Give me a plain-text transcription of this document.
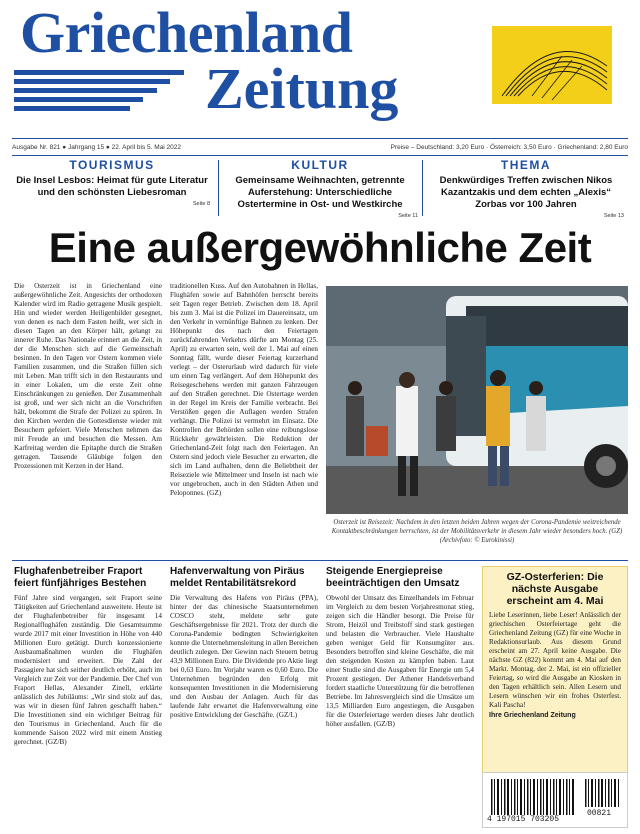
Griechenland
Zeitung
Ausgabe Nr. 821 ● Jahrgang 15 ● 22. April bis 5. Mai 2022	Preise – Deutschland: 3,20 Euro · Österreich: 3,50 Euro · Griechenland: 2,80 Euro
TOURISMUS
Die Insel Lesbos: Heimat für gute Literatur und den schönsten Liebesroman
Seite 8
KULTUR
Gemeinsame Weihnachten, getrennte Auferstehung: Unterschiedliche Ostertermine in Ost- und Westkirche
Seite 11
THEMA
Denkwürdiges Treffen zwischen Nikos Kazantzakis und dem echten „Alexis“ Zorbas vor 100 Jahren
Seite 13
Eine außergewöhnliche Zeit
Die Osterzeit ist in Griechenland eine außergewöhnliche Zeit. Angesichts der orthodoxen Kalender wird im Radio getragene Musik gespielt. Hin und wieder werden Heiligenbilder gesegnet, von denen es nach dem Fasten heißt, wer sich in diesen Tagen an den Körper hält, gelangt zu innerer Ruhe. Das Nationale erinnert an die Zeit, in der die Menschen sich auf die Gemeinschaft besinnen. In den Tagen vor Ostern kommen viele Familien zusammen, und die Straßen füllen sich mit Leben. Man trifft sich in den Restaurants und in einer Lokalen, um die erste Zeit ohne Einschränkungen zu genießen. Der Zusammenhalt ist groß, und wer sich nicht an die Vorschriften hält, bekommt die Strafe der Polizei zu spüren. In den Kirchen werden die Gottesdienste wieder mit Besuchern gefeiert. Viele Menschen nehmen das mit Freude an und besuchen die Messen. Am Karfreitag werden die Epitaphe durch die Straßen getragen. Tausende Gläubige folgen den Prozessionen mit Kerzen in der Hand.
traditionellen Kuss. Auf den Autobahnen in Hellas, Flughäfen sowie auf Bahnhöfen herrscht bereits seit Tagen reger Betrieb. Zwischen dem 18. April bis zum 3. Mai ist die Polizei im Dauereinsatz, um den Verkehr in vernünftige Bahnen zu lenken. Der Höhepunkt des nach den Feiertagen zurückfahrenden Verkehrs dürfte am Montag (25. April) zu erwarten sein, weil der 1. Mai auf einen Sonntag fällt, wurde dieser Feiertag kurzerhand verlegt – der Osterurlaub wird dadurch für viele um einen Tag verlängert. Auf dem Höhepunkt des Reisegeschehens werden mit ganzen Fahrzeugen auf den Straßen gerechnet. Die Ostertage werden in der Regel im Kreis der Familie verbracht. Bei Verstößen gegen die Auflagen werden Strafen verhängt. Die Polizei ist vermehrt im Einsatz. Die Kontrollen der Behörden sollen eine reibungslose Rückkehr gewährleisten. Die Reduktion der Griechenland-Zeit folgt nach den Feiertagen. An Ostern sind jedoch viele Besucher zu erwarten, die sich im Land aufhalten, denn die Beliebtheit der Reiseziele wie Mittelmeer und Inseln ist nach wie vor ungebrochen, auch in den Städten Athen und Peloponnes. (GZ)
Osterzeit ist Reisezeit: Nachdem in den letzten beiden Jahren wegen der Corona-Pandemie weitreichende Kontaktbeschränkungen herrschten, ist der Mobilitätsverkehr in diesem Jahr wieder besonders hoch. (GZ) (Archivfoto: © Eurokinissi)
Flughafenbetreiber Fraport feiert fünfjähriges Bestehen
Fünf Jahre sind vergangen, seit Fraport seine Tätigkeiten auf Griechenland ausweitete. Heute ist der Flughafenbetreiber für insgesamt 14 Regionalflughäfen zuständig. Die Gesamtsumme wurde 2017 mit einer Investition in Höhe von 440 Millionen Euro getätigt. Durch konzessionierte Ausbaumaßnahmen wurden die Flughäfen modernisiert und erweitert. Die Zahl der Passagiere hat sich seither deutlich erhöht, auch im Vergleich zur Zeit vor der Pandemie. Der Chef von Fraport Hellas, Alexander Zinell, erklärte anlässlich des Jubiläums: „Wir sind stolz auf das, was wir in diesen fünf Jahren geschafft haben.“ Die Investitionen sind ein wichtiger Beitrag für den Tourismus in Griechenland. Auch für die kommende Saison 2022 wird mit einem Anstieg gerechnet. (GZ/B)
Hafenverwaltung von Piräus meldet Rentabilitätsrekord
Die Verwaltung des Hafens von Piräus (PPA), hinter der das chinesische Staatsunternehmen COSCO steht, meldete sehr gute Geschäftsergebnisse für 2021. Trotz der durch die Corona-Pandemie bedingten Schwierigkeiten konnte die Unternehmensleitung in allen Bereichen deutlich zulegen. Der Gewinn nach Steuern betrug 43,9 Millionen Euro. Die Dividende pro Aktie liegt bei 0,63 Euro. Im Vorjahr waren es 0,60 Euro. Die Unternehmen begründen den Erfolg mit konsequenten Investitionen in die Modernisierung und den Ausbau der Anlagen. Auch für das laufende Jahr erwartet die Hafenverwaltung eine positive Entwicklung der Geschäfte. (GZ/L)
Steigende Energiepreise beeinträchtigen den Umsatz
Obwohl der Umsatz des Einzelhandels im Februar im Vergleich zu dem besten Vorjahresmonat stieg, zeigen sich die Händler besorgt. Die Preise für Strom, Heizöl und Treibstoff sind stark gestiegen und belasten die Verbraucher. Viele Haushalte geben weniger Geld für Konsumgüter aus. Besonders betroffen sind kleine Geschäfte, die mit den steigenden Kosten zu kämpfen haben. Laut einer Studie sind die Ausgaben für Energie um 5,4 Prozent gestiegen. Der Athener Handelsverband fordert staatliche Unterstützung für die betroffenen Betriebe. Im Jahresvergleich sind die Umsätze um 13,5 Milliarden Euro angestiegen, die Ausgaben für die Osterfeiertage werden dieses Jahr deutlich höher ausfallen. (GZ/B)
GZ-Osterferien: Die nächste Ausgabe erscheint am 4. Mai
Liebe Leserinnen, liebe Leser! Anlässlich der griechischen Osterfeiertage geht die Griechenland Zeitung (GZ) für eine Woche in Redaktionsurlaub. Aus diesem Grund erscheint am 27. April keine Ausgabe. Die nächste GZ (822) kommt am 4. Mai auf den Markt. Montag, der 2. Mai, ist ein offizieller Feiertag, so wird die Ausgabe an Kiosken in den Tagen erhältlich sein. Allen Lesern und Lesern wünschen wir ein frohes Osterfest. Kali Pascha!
Ihre Griechenland Zeitung
4 197015 703205
00821
